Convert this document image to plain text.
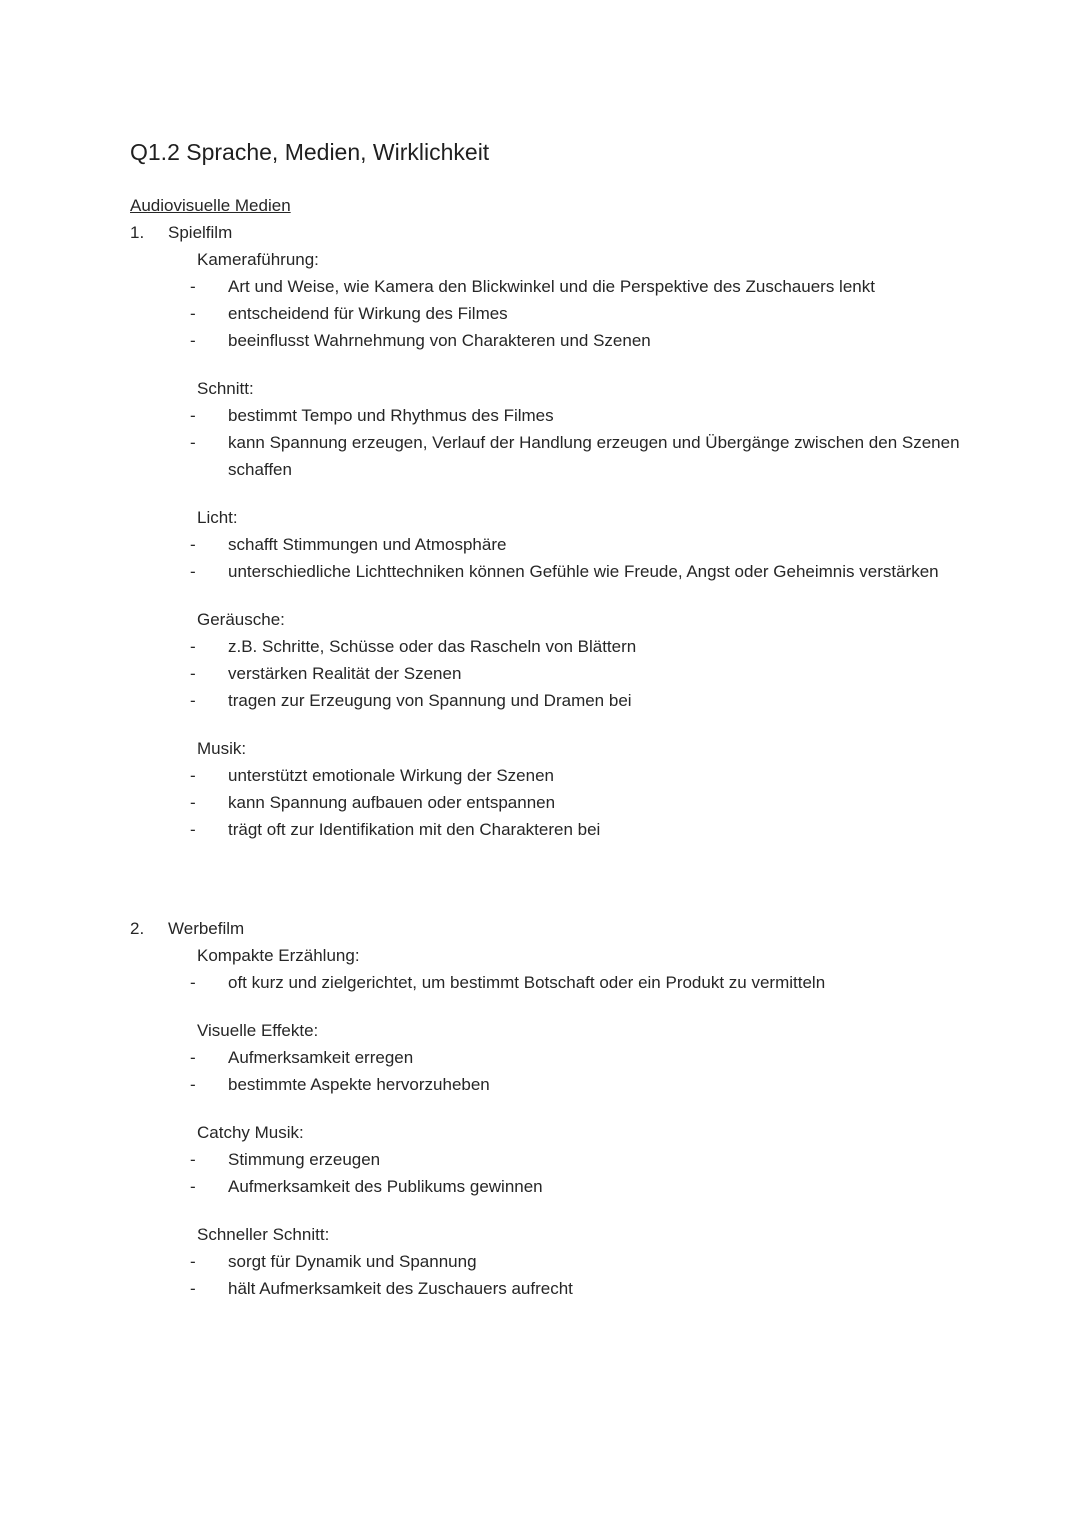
Q1.2 Sprache, Medien, Wirklichkeit
Audiovisuelle Medien
1.	Spielfilm
Kameraführung:
-	Art und Weise, wie Kamera den Blickwinkel und die Perspektive des Zuschauers lenkt
-	entscheidend für Wirkung des Filmes
-	beeinflusst Wahrnehmung von Charakteren und Szenen
Schnitt:
-	bestimmt Tempo und Rhythmus des Filmes
-	kann Spannung erzeugen, Verlauf der Handlung erzeugen und Übergänge zwischen den Szenen schaffen
Licht:
-	schafft Stimmungen und Atmosphäre
-	unterschiedliche Lichttechniken können Gefühle wie Freude, Angst oder Geheimnis verstärken
Geräusche:
-	z.B. Schritte, Schüsse oder das Rascheln von Blättern
-	verstärken Realität der Szenen
-	tragen zur Erzeugung von Spannung und Dramen bei
Musik:
-	unterstützt emotionale Wirkung der Szenen
-	kann Spannung aufbauen oder entspannen
-	trägt oft zur Identifikation mit den Charakteren bei
2.	Werbefilm
Kompakte Erzählung:
-	oft kurz und zielgerichtet, um bestimmt Botschaft oder ein Produkt zu vermitteln
Visuelle Effekte:
-	Aufmerksamkeit erregen
-	bestimmte Aspekte hervorzuheben
Catchy Musik:
-	Stimmung erzeugen
-	Aufmerksamkeit des Publikums gewinnen
Schneller Schnitt:
-	sorgt für Dynamik und Spannung
-	hält Aufmerksamkeit des Zuschauers aufrecht
